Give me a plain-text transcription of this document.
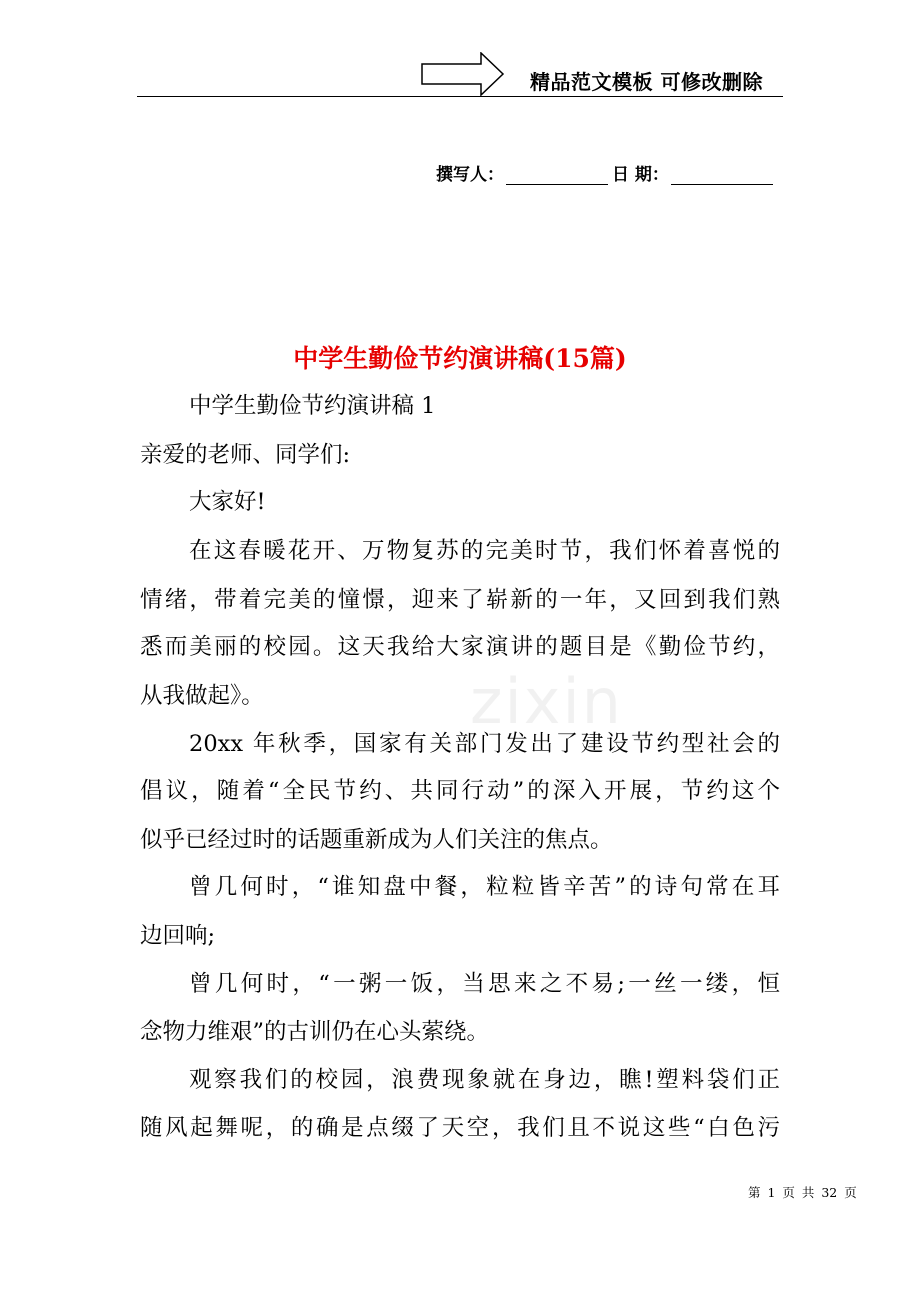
精品范文模板 可修改删除
撰写人：	日 期：
中学生勤俭节约演讲稿(15篇)
中学生勤俭节约演讲稿 1
亲爱的老师、同学们:
大家好!
在这春暖花开、万物复苏的完美时节，我们怀着喜悦的
情绪，带着完美的憧憬，迎来了崭新的一年，又回到我们熟
悉而美丽的校园。这天我给大家演讲的题目是《勤俭节约，
从我做起》。
20xx 年秋季，国家有关部门发出了建设节约型社会的
倡议，随着“全民节约、共同行动”的深入开展，节约这个
似乎已经过时的话题重新成为人们关注的焦点。
曾几何时，“谁知盘中餐，粒粒皆辛苦”的诗句常在耳
边回响;
曾几何时，“一粥一饭，当思来之不易;一丝一缕，恒
念物力维艰”的古训仍在心头萦绕。
观察我们的校园，浪费现象就在身边，瞧!塑料袋们正
随风起舞呢，的确是点缀了天空，我们且不说这些“白色污
zixin
第 1 页 共 32 页
